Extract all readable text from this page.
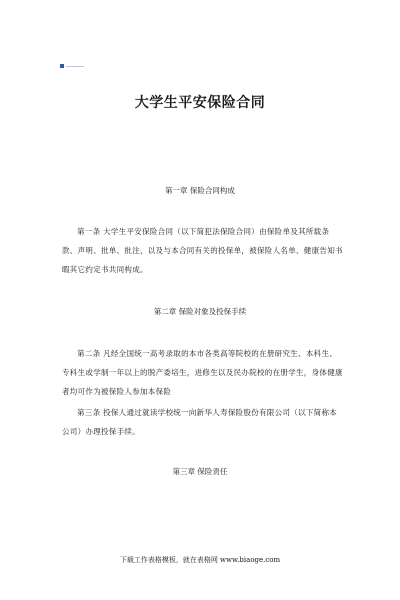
大学生平安保险合同
第一章 保险合同构成

第一条 大学生平安保险合同（以下简犯法保险合同）由保险单及其所载条款、声明、批单、批注，以及与本合同有关的投保单，被保险人名单、健康告知书暇其它约定书共同构成。

第二章 保险对象及投保手续

第二条 凡经全国统一高考录取的本市各类高等院校的在册研究生、本科生、专科生或学制一年以上的脱产委培生，进修生以及民办院校的在册学生，身体健康者均可作为被保险人参加本保险

第三条 投保人通过就读学校统一向新华人寿保险股份有限公司（以下简称本公司）办理投保手续。

第三章 保险责任
下载工作表格模板，就在表格网 www.biaoge.com
